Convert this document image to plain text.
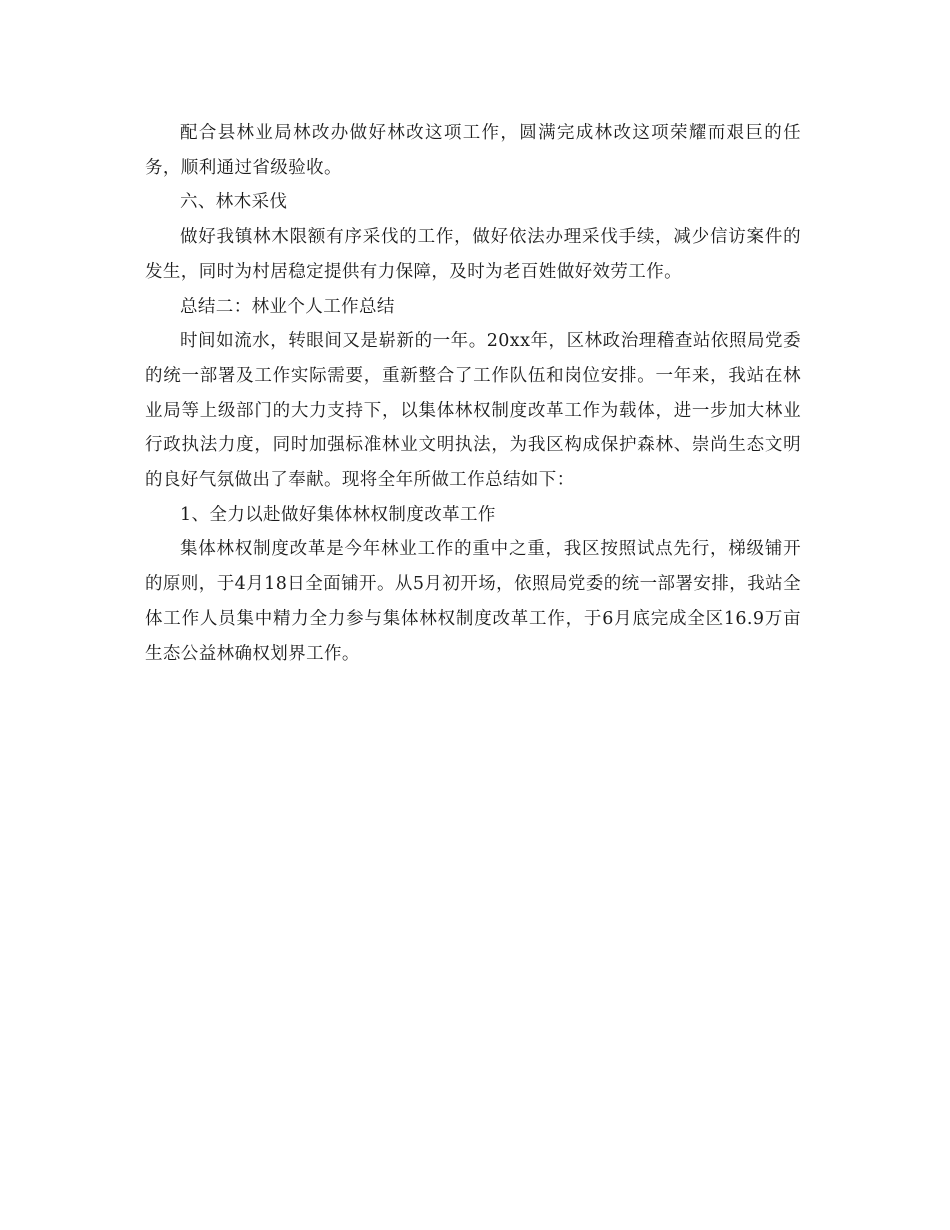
配合县林业局林改办做好林改这项工作，圆满完成林改这项荣耀而艰巨的任务，顺利通过省级验收。

六、林木采伐

做好我镇林木限额有序采伐的工作，做好依法办理采伐手续，减少信访案件的发生，同时为村居稳定提供有力保障，及时为老百姓做好效劳工作。

总结二：林业个人工作总结

时间如流水，转眼间又是崭新的一年。20xx年，区林政治理稽查站依照局党委的统一部署及工作实际需要，重新整合了工作队伍和岗位安排。一年来，我站在林业局等上级部门的大力支持下，以集体林权制度改革工作为载体，进一步加大林业行政执法力度，同时加强标准林业文明执法，为我区构成保护森林、崇尚生态文明的良好气氛做出了奉献。现将全年所做工作总结如下：

1、全力以赴做好集体林权制度改革工作

集体林权制度改革是今年林业工作的重中之重，我区按照试点先行，梯级铺开的原则，于4月18日全面铺开。从5月初开场，依照局党委的统一部署安排，我站全体工作人员集中精力全力参与集体林权制度改革工作，于6月底完成全区16.9万亩生态公益林确权划界工作。
